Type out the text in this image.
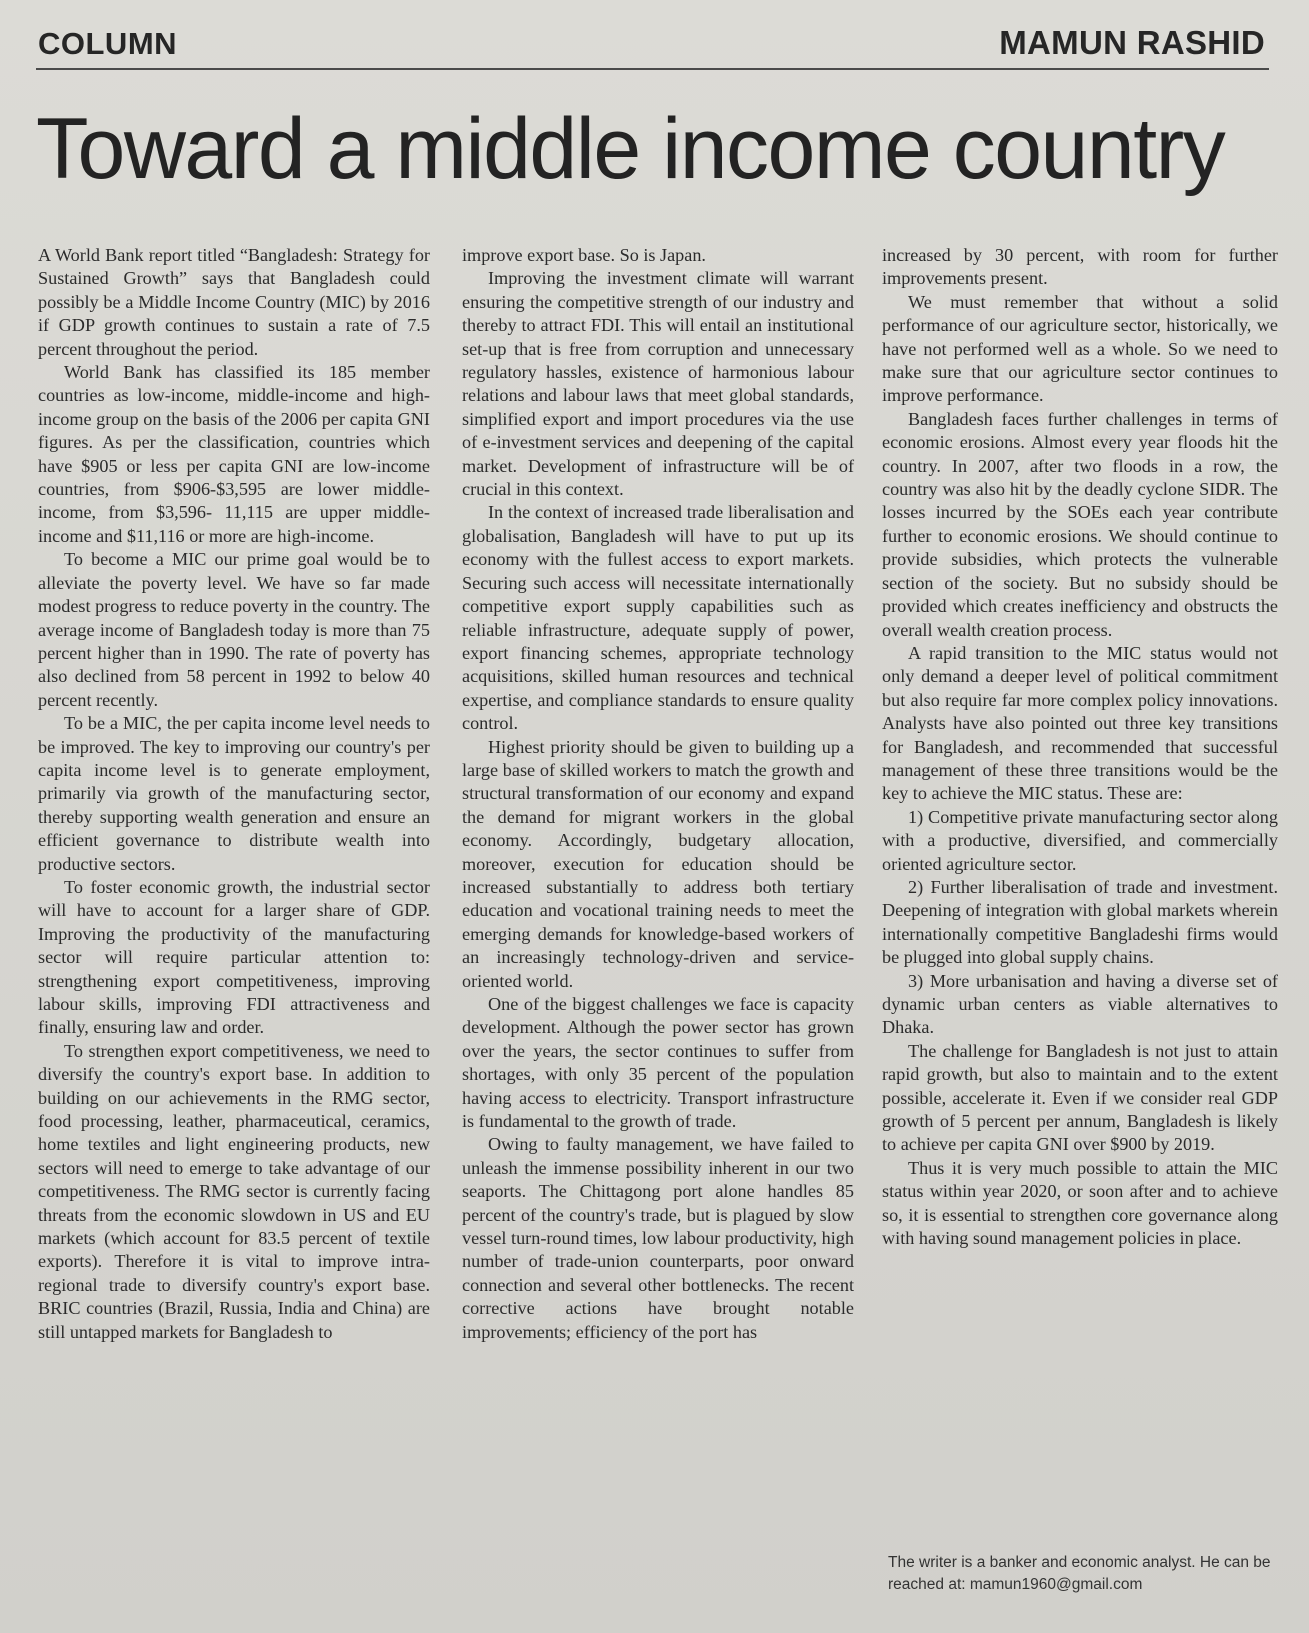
COLUMN	MAMUN RASHID
Toward a middle income country

A World Bank report titled “Bangladesh: Strategy for Sustained Growth” says that Bangladesh could possibly be a Middle Income Country (MIC) by 2016 if GDP growth continues to sustain a rate of 7.5 percent throughout the period.

World Bank has classified its 185 member countries as low-income, middle-income and high-income group on the basis of the 2006 per capita GNI figures. As per the classification, countries which have $905 or less per capita GNI are low-income countries, from $906-$3,595 are lower middle-income, from $3,596- 11,115 are upper middle-income and $11,116 or more are high-income.

To become a MIC our prime goal would be to alleviate the poverty level. We have so far made modest progress to reduce poverty in the country. The average income of Bangladesh today is more than 75 percent higher than in 1990. The rate of poverty has also declined from 58 percent in 1992 to below 40 percent recently.

To be a MIC, the per capita income level needs to be improved. The key to improving our country's per capita income level is to generate employment, primarily via growth of the manufacturing sector, thereby supporting wealth generation and ensure an efficient governance to distribute wealth into productive sectors.

To foster economic growth, the industrial sector will have to account for a larger share of GDP. Improving the productivity of the manufacturing sector will require particular attention to: strengthening export competitiveness, improving labour skills, improving FDI attractiveness and finally, ensuring law and order.

To strengthen export competitiveness, we need to diversify the country's export base. In addition to building on our achievements in the RMG sector, food processing, leather, pharmaceutical, ceramics, home textiles and light engineering products, new sectors will need to emerge to take advantage of our competitiveness. The RMG sector is currently facing threats from the economic slowdown in US and EU markets (which account for 83.5 percent of textile exports). Therefore it is vital to improve intra-regional trade to diversify country's export base. BRIC countries (Brazil, Russia, India and China) are still untapped markets for Bangladesh to

improve export base. So is Japan.

Improving the investment climate will warrant ensuring the competitive strength of our industry and thereby to attract FDI. This will entail an institutional set-up that is free from corruption and unnecessary regulatory hassles, existence of harmonious labour relations and labour laws that meet global standards, simplified export and import procedures via the use of e-investment services and deepening of the capital market. Development of infrastructure will be of crucial in this context.

In the context of increased trade liberalisation and globalisation, Bangladesh will have to put up its economy with the fullest access to export markets. Securing such access will necessitate internationally competitive export supply capabilities such as reliable infrastructure, adequate supply of power, export financing schemes, appropriate technology acquisitions, skilled human resources and technical expertise, and compliance standards to ensure quality control.

Highest priority should be given to building up a large base of skilled workers to match the growth and structural transformation of our economy and expand the demand for migrant workers in the global economy. Accordingly, budgetary allocation, moreover, execution for education should be increased substantially to address both tertiary education and vocational training needs to meet the emerging demands for knowledge-based workers of an increasingly technology-driven and service-oriented world.

One of the biggest challenges we face is capacity development. Although the power sector has grown over the years, the sector continues to suffer from shortages, with only 35 percent of the population having access to electricity. Transport infrastructure is fundamental to the growth of trade.

Owing to faulty management, we have failed to unleash the immense possibility inherent in our two seaports. The Chittagong port alone handles 85 percent of the country's trade, but is plagued by slow vessel turn-round times, low labour productivity, high number of trade-union counterparts, poor onward connection and several other bottlenecks. The recent corrective actions have brought notable improvements; efficiency of the port has

increased by 30 percent, with room for further improvements present.

We must remember that without a solid performance of our agriculture sector, historically, we have not performed well as a whole. So we need to make sure that our agriculture sector continues to improve performance.

Bangladesh faces further challenges in terms of economic erosions. Almost every year floods hit the country. In 2007, after two floods in a row, the country was also hit by the deadly cyclone SIDR. The losses incurred by the SOEs each year contribute further to economic erosions. We should continue to provide subsidies, which protects the vulnerable section of the society. But no subsidy should be provided which creates inefficiency and obstructs the overall wealth creation process.

A rapid transition to the MIC status would not only demand a deeper level of political commitment but also require far more complex policy innovations. Analysts have also pointed out three key transitions for Bangladesh, and recommended that successful management of these three transitions would be the key to achieve the MIC status. These are:

1) Competitive private manufacturing sector along with a productive, diversified, and commercially oriented agriculture sector.

2) Further liberalisation of trade and investment. Deepening of integration with global markets wherein internationally competitive Bangladeshi firms would be plugged into global supply chains.

3) More urbanisation and having a diverse set of dynamic urban centers as viable alternatives to Dhaka.

The challenge for Bangladesh is not just to attain rapid growth, but also to maintain and to the extent possible, accelerate it. Even if we consider real GDP growth of 5 percent per annum, Bangladesh is likely to achieve per capita GNI over $900 by 2019.

Thus it is very much possible to attain the MIC status within year 2020, or soon after and to achieve so, it is essential to strengthen core governance along with having sound management policies in place.

The writer is a banker and economic analyst. He can be reached at: mamun1960@gmail.com
